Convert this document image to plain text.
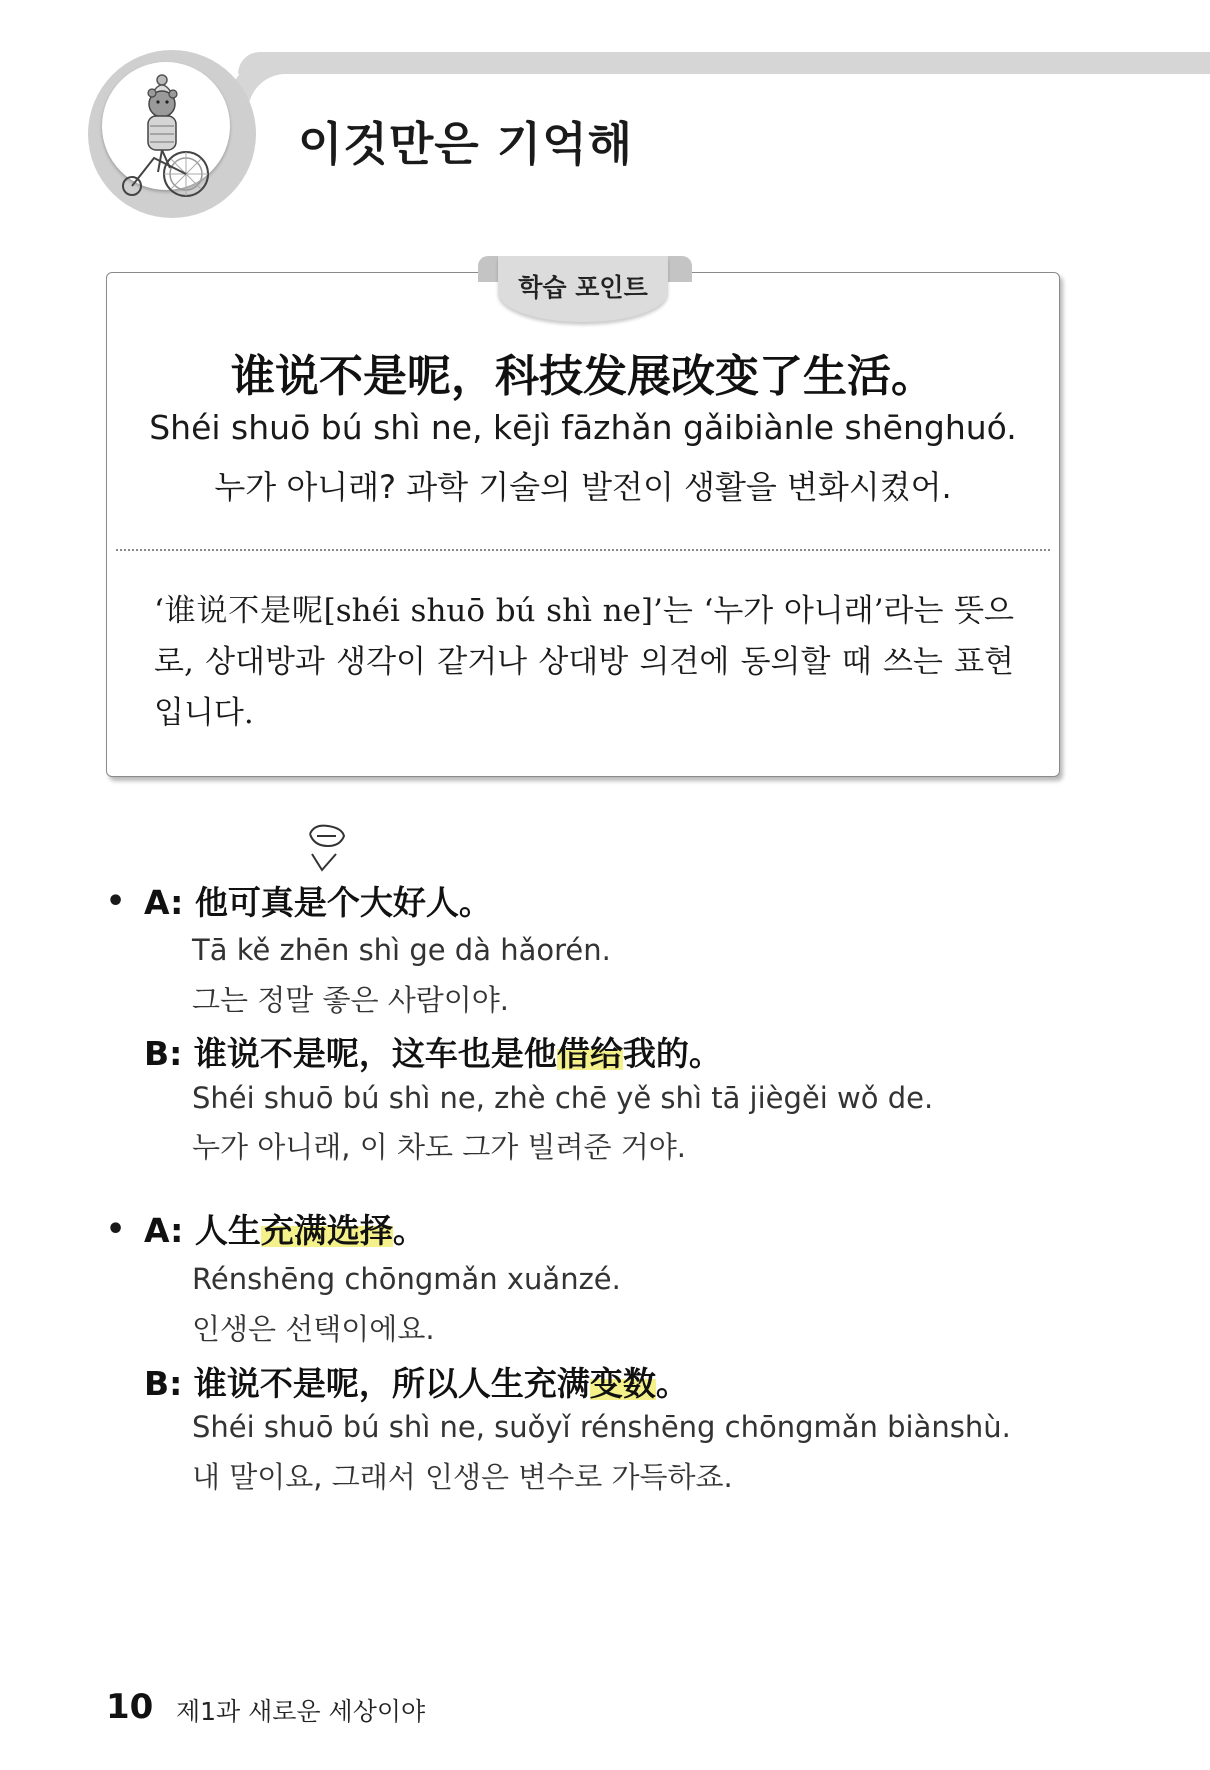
이것만은 기억해
학습 포인트
谁说不是呢，科技发展改变了生活。
Shéi shuō bú shì ne, kējì fāzhǎn gǎibiànle shēnghuó.
누가 아니래? 과학 기술의 발전이 생활을 변화시켰어.
‘谁说不是呢[shéi shuō bú shì ne]’는 ‘누가 아니래’라는 뜻으로, 상대방과 생각이 같거나 상대방 의견에 동의할 때 쓰는 표현입니다.
• A: 他可真是个大好人。
Tā kě zhēn shì ge dà hǎorén.
그는 정말 좋은 사람이야.
B: 谁说不是呢，这车也是他借给我的。
Shéi shuō bú shì ne, zhè chē yě shì tā jiègěi wǒ de.
누가 아니래, 이 차도 그가 빌려준 거야.
• A: 人生充满选择。
Rénshēng chōngmǎn xuǎnzé.
인생은 선택이에요.
B: 谁说不是呢，所以人生充满变数。
Shéi shuō bú shì ne, suǒyǐ rénshēng chōngmǎn biànshù.
내 말이요, 그래서 인생은 변수로 가득하죠.
10 제1과 새로운 세상이야
